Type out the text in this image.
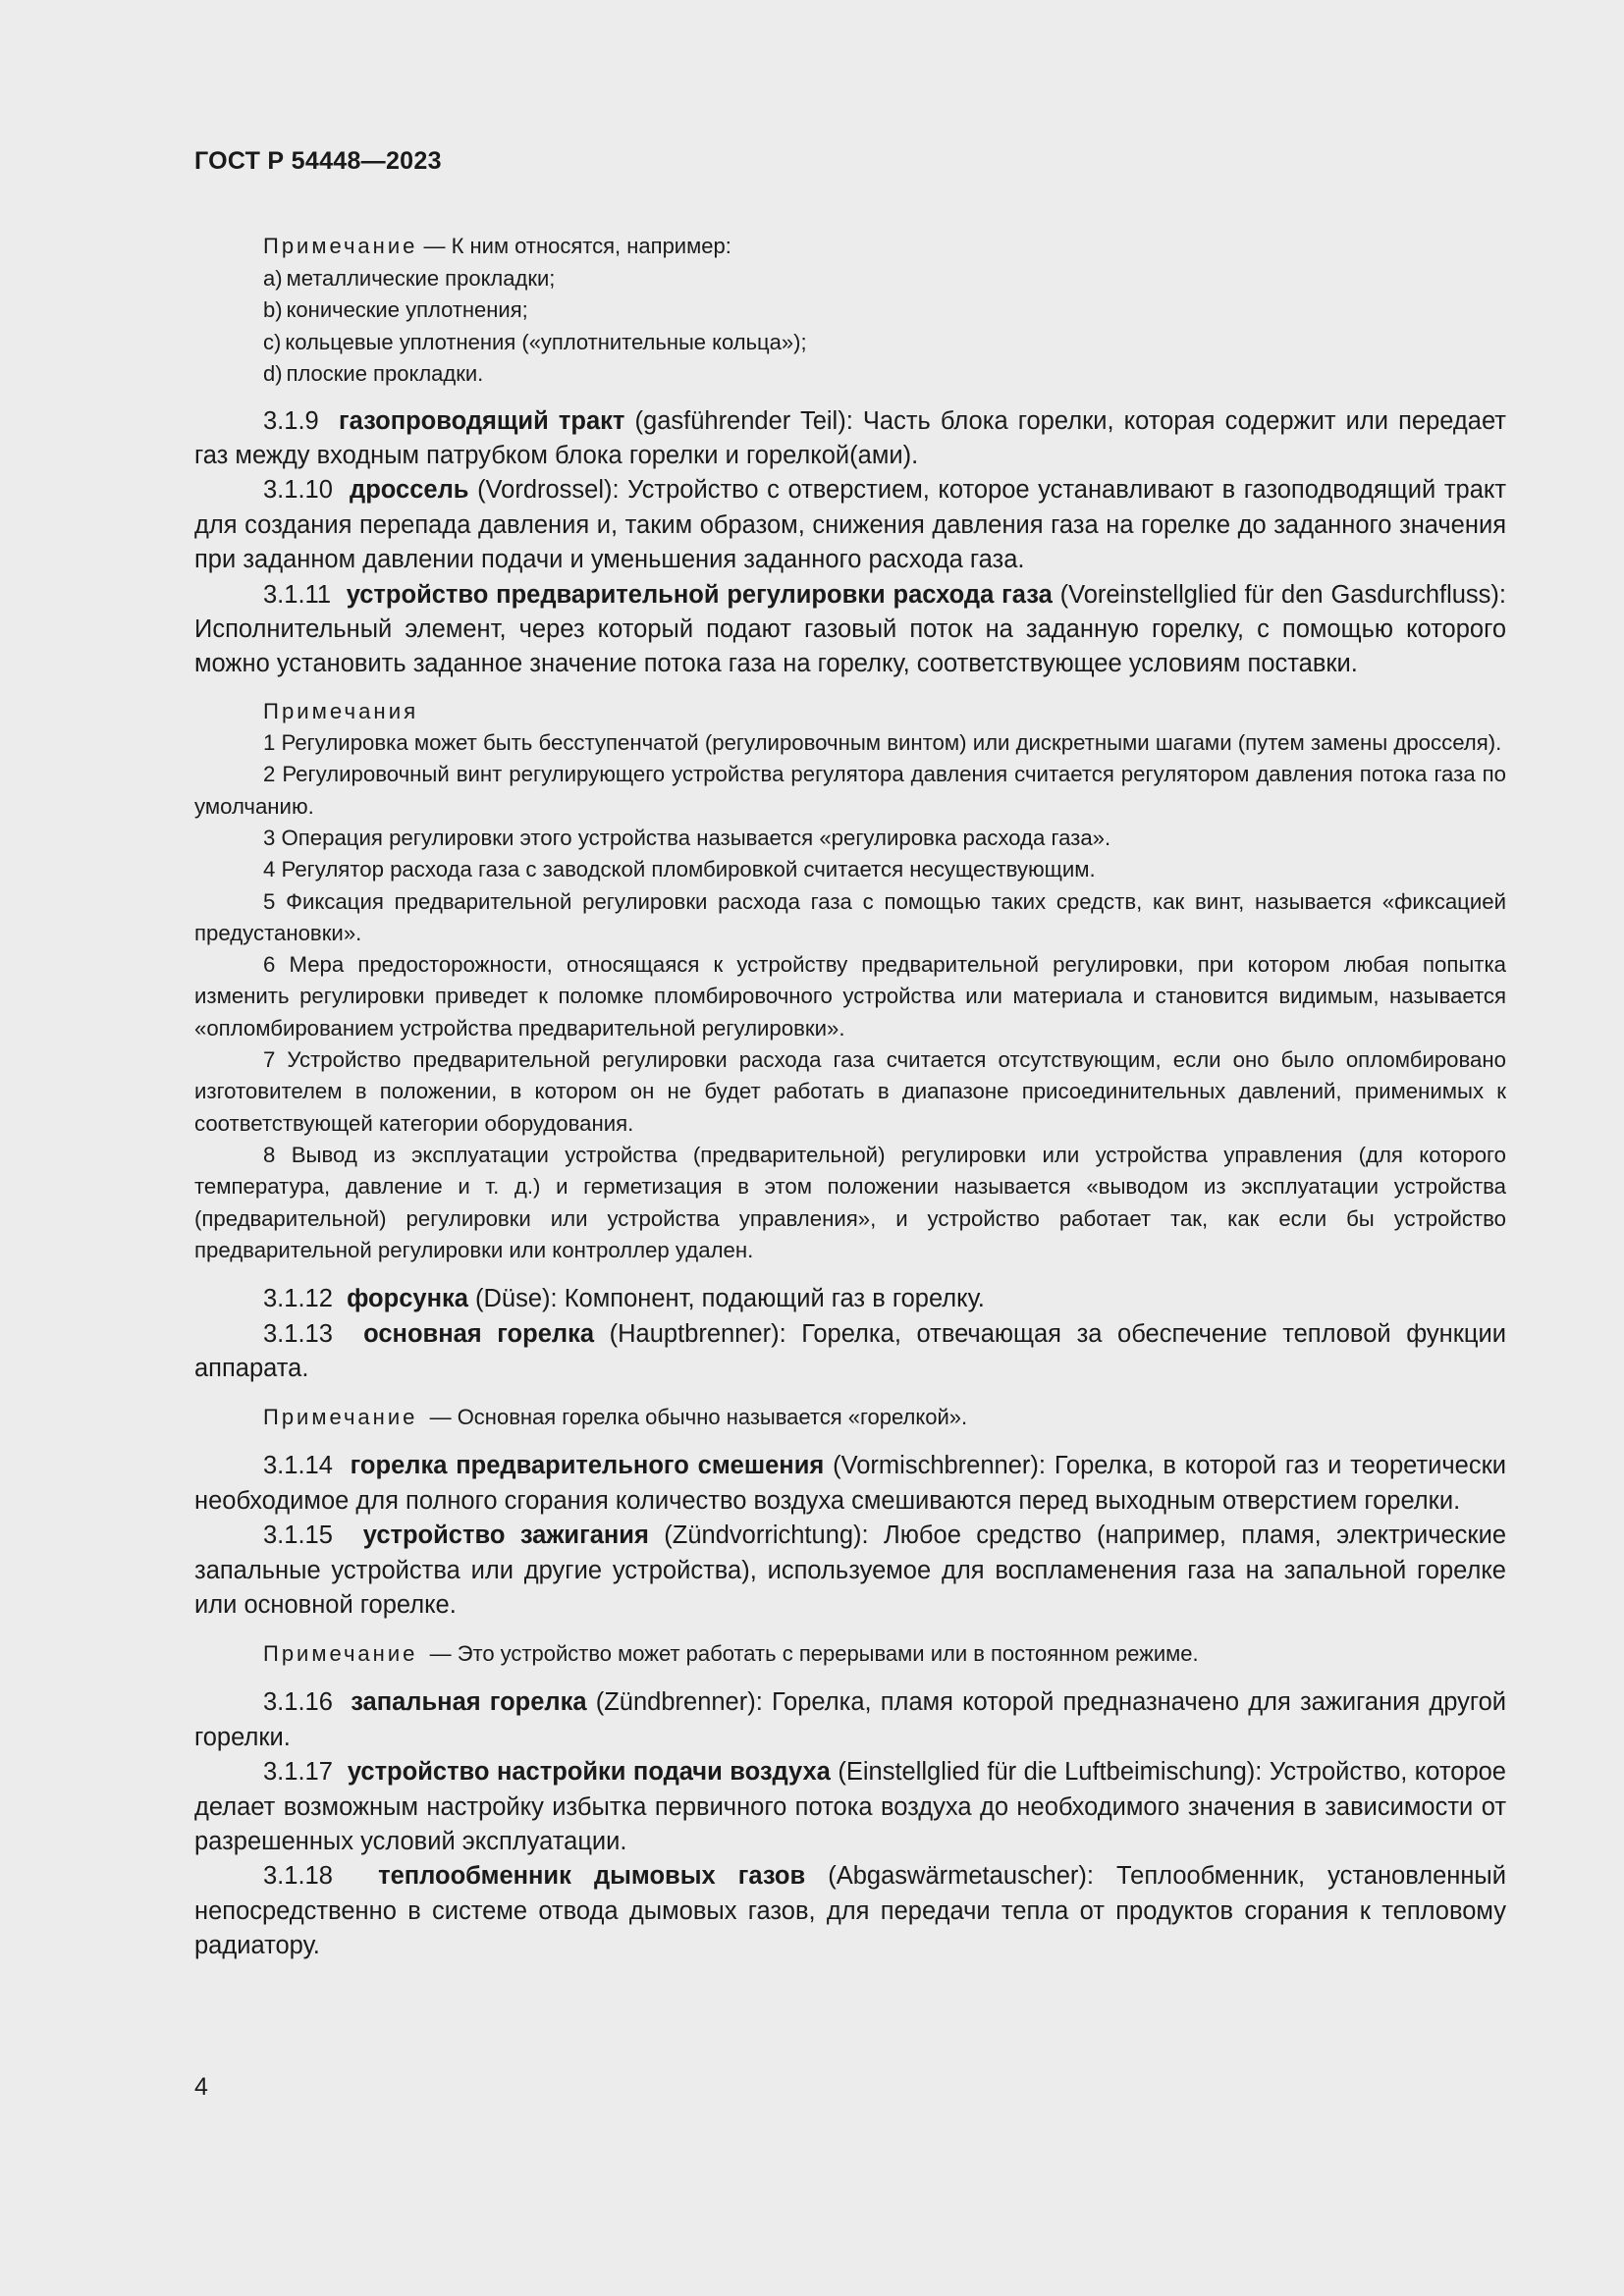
ГОСТ Р 54448—2023
Примечание — К ним относятся, например:
a) металлические прокладки;
b) конические уплотнения;
c) кольцевые уплотнения («уплотнительные кольца»);
d) плоские прокладки.

3.1.9 газопроводящий тракт (gasführender Teil): Часть блока горелки, которая содержит или передает газ между входным патрубком блока горелки и горелкой(ами).

3.1.10 дроссель (Vordrossel): Устройство с отверстием, которое устанавливают в газоподводящий тракт для создания перепада давления и, таким образом, снижения давления газа на горелке до заданного значения при заданном давлении подачи и уменьшения заданного расхода газа.

3.1.11 устройство предварительной регулировки расхода газа (Voreinstellglied für den Gasdurchfluss): Исполнительный элемент, через который подают газовый поток на заданную горелку, с помощью которого можно установить заданное значение потока газа на горелку, соответствующее условиям поставки.

Примечания

1 Регулировка может быть бесступенчатой (регулировочным винтом) или дискретными шагами (путем замены дросселя).

2 Регулировочный винт регулирующего устройства регулятора давления считается регулятором давления потока газа по умолчанию.

3 Операция регулировки этого устройства называется «регулировка расхода газа».

4 Регулятор расхода газа с заводской пломбировкой считается несуществующим.

5 Фиксация предварительной регулировки расхода газа с помощью таких средств, как винт, называется «фиксацией предустановки».

6 Мера предосторожности, относящаяся к устройству предварительной регулировки, при котором любая попытка изменить регулировки приведет к поломке пломбировочного устройства или материала и становится видимым, называется «опломбированием устройства предварительной регулировки».

7 Устройство предварительной регулировки расхода газа считается отсутствующим, если оно было опломбировано изготовителем в положении, в котором он не будет работать в диапазоне присоединительных давлений, применимых к соответствующей категории оборудования.

8 Вывод из эксплуатации устройства (предварительной) регулировки или устройства управления (для которого температура, давление и т. д.) и герметизация в этом положении называется «выводом из эксплуатации устройства (предварительной) регулировки или устройства управления», и устройство работает так, как если бы устройство предварительной регулировки или контроллер удален.

3.1.12 форсунка (Düse): Компонент, подающий газ в горелку.

3.1.13 основная горелка (Hauptbrenner): Горелка, отвечающая за обеспечение тепловой функции аппарата.

Примечание — Основная горелка обычно называется «горелкой».

3.1.14 горелка предварительного смешения (Vormischbrenner): Горелка, в которой газ и теоретически необходимое для полного сгорания количество воздуха смешиваются перед выходным отверстием горелки.

3.1.15 устройство зажигания (Zündvorrichtung): Любое средство (например, пламя, электрические запальные устройства или другие устройства), используемое для воспламенения газа на запальной горелке или основной горелке.

Примечание — Это устройство может работать с перерывами или в постоянном режиме.

3.1.16 запальная горелка (Zündbrenner): Горелка, пламя которой предназначено для зажигания другой горелки.

3.1.17 устройство настройки подачи воздуха (Einstellglied für die Luftbeimischung): Устройство, которое делает возможным настройку избытка первичного потока воздуха до необходимого значения в зависимости от разрешенных условий эксплуатации.

3.1.18 теплообменник дымовых газов (Abgaswärmetauscher): Теплообменник, установленный непосредственно в системе отвода дымовых газов, для передачи тепла от продуктов сгорания к тепловому радиатору.

4
